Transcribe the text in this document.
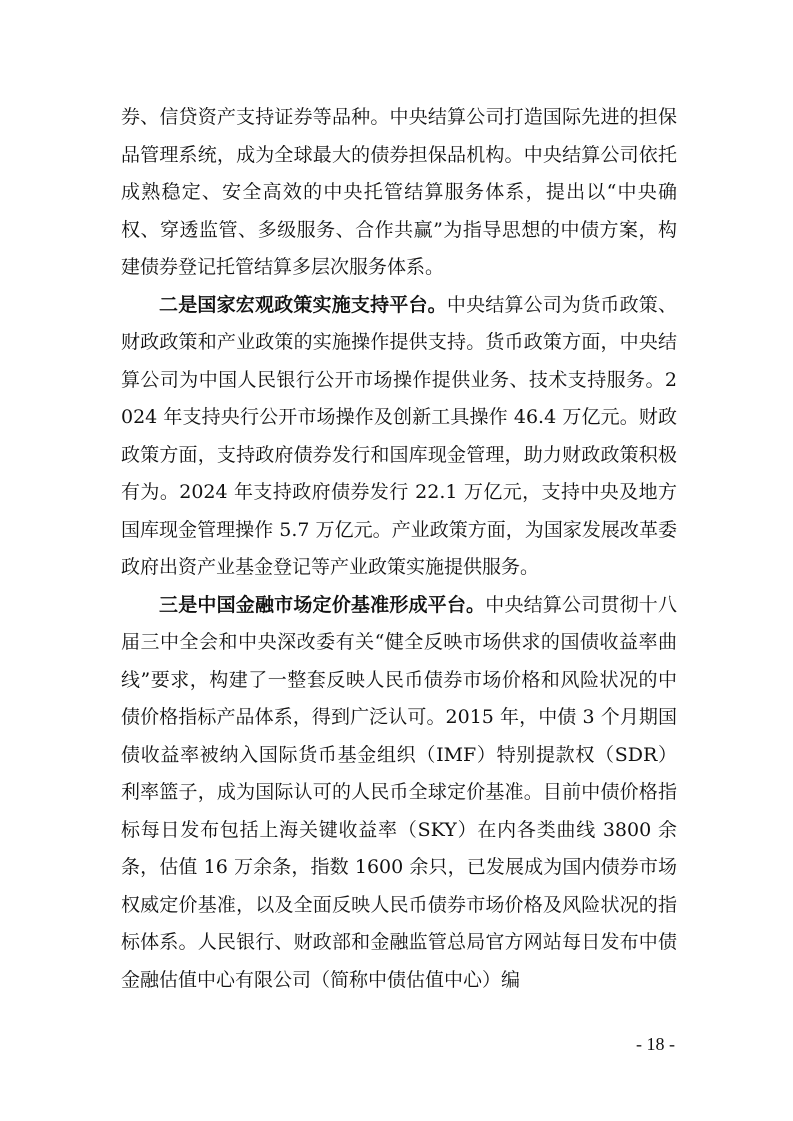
券、信贷资产支持证券等品种。中央结算公司打造国际先进的担保品管理系统，成为全球最大的债券担保品机构。中央结算公司依托成熟稳定、安全高效的中央托管结算服务体系，提出以“中央确权、穿透监管、多级服务、合作共赢”为指导思想的中债方案，构建债券登记托管结算多层次服务体系。

二是国家宏观政策实施支持平台。中央结算公司为货币政策、财政政策和产业政策的实施操作提供支持。货币政策方面，中央结算公司为中国人民银行公开市场操作提供业务、技术支持服务。2024 年支持央行公开市场操作及创新工具操作 46.4 万亿元。财政政策方面，支持政府债券发行和国库现金管理，助力财政政策积极有为。2024 年支持政府债券发行 22.1 万亿元，支持中央及地方国库现金管理操作 5.7 万亿元。产业政策方面，为国家发展改革委政府出资产业基金登记等产业政策实施提供服务。

三是中国金融市场定价基准形成平台。中央结算公司贯彻十八届三中全会和中央深改委有关“健全反映市场供求的国债收益率曲线”要求，构建了一整套反映人民币债券市场价格和风险状况的中债价格指标产品体系，得到广泛认可。2015 年，中债 3 个月期国债收益率被纳入国际货币基金组织（IMF）特别提款权（SDR）利率篮子，成为国际认可的人民币全球定价基准。目前中债价格指标每日发布包括上海关键收益率（SKY）在内各类曲线 3800 余条，估值 16 万余条，指数 1600 余只，已发展成为国内债券市场权威定价基准，以及全面反映人民币债券市场价格及风险状况的指标体系。人民银行、财政部和金融监管总局官方网站每日发布中债金融估值中心有限公司（简称中债估值中心）编

- 18 -
